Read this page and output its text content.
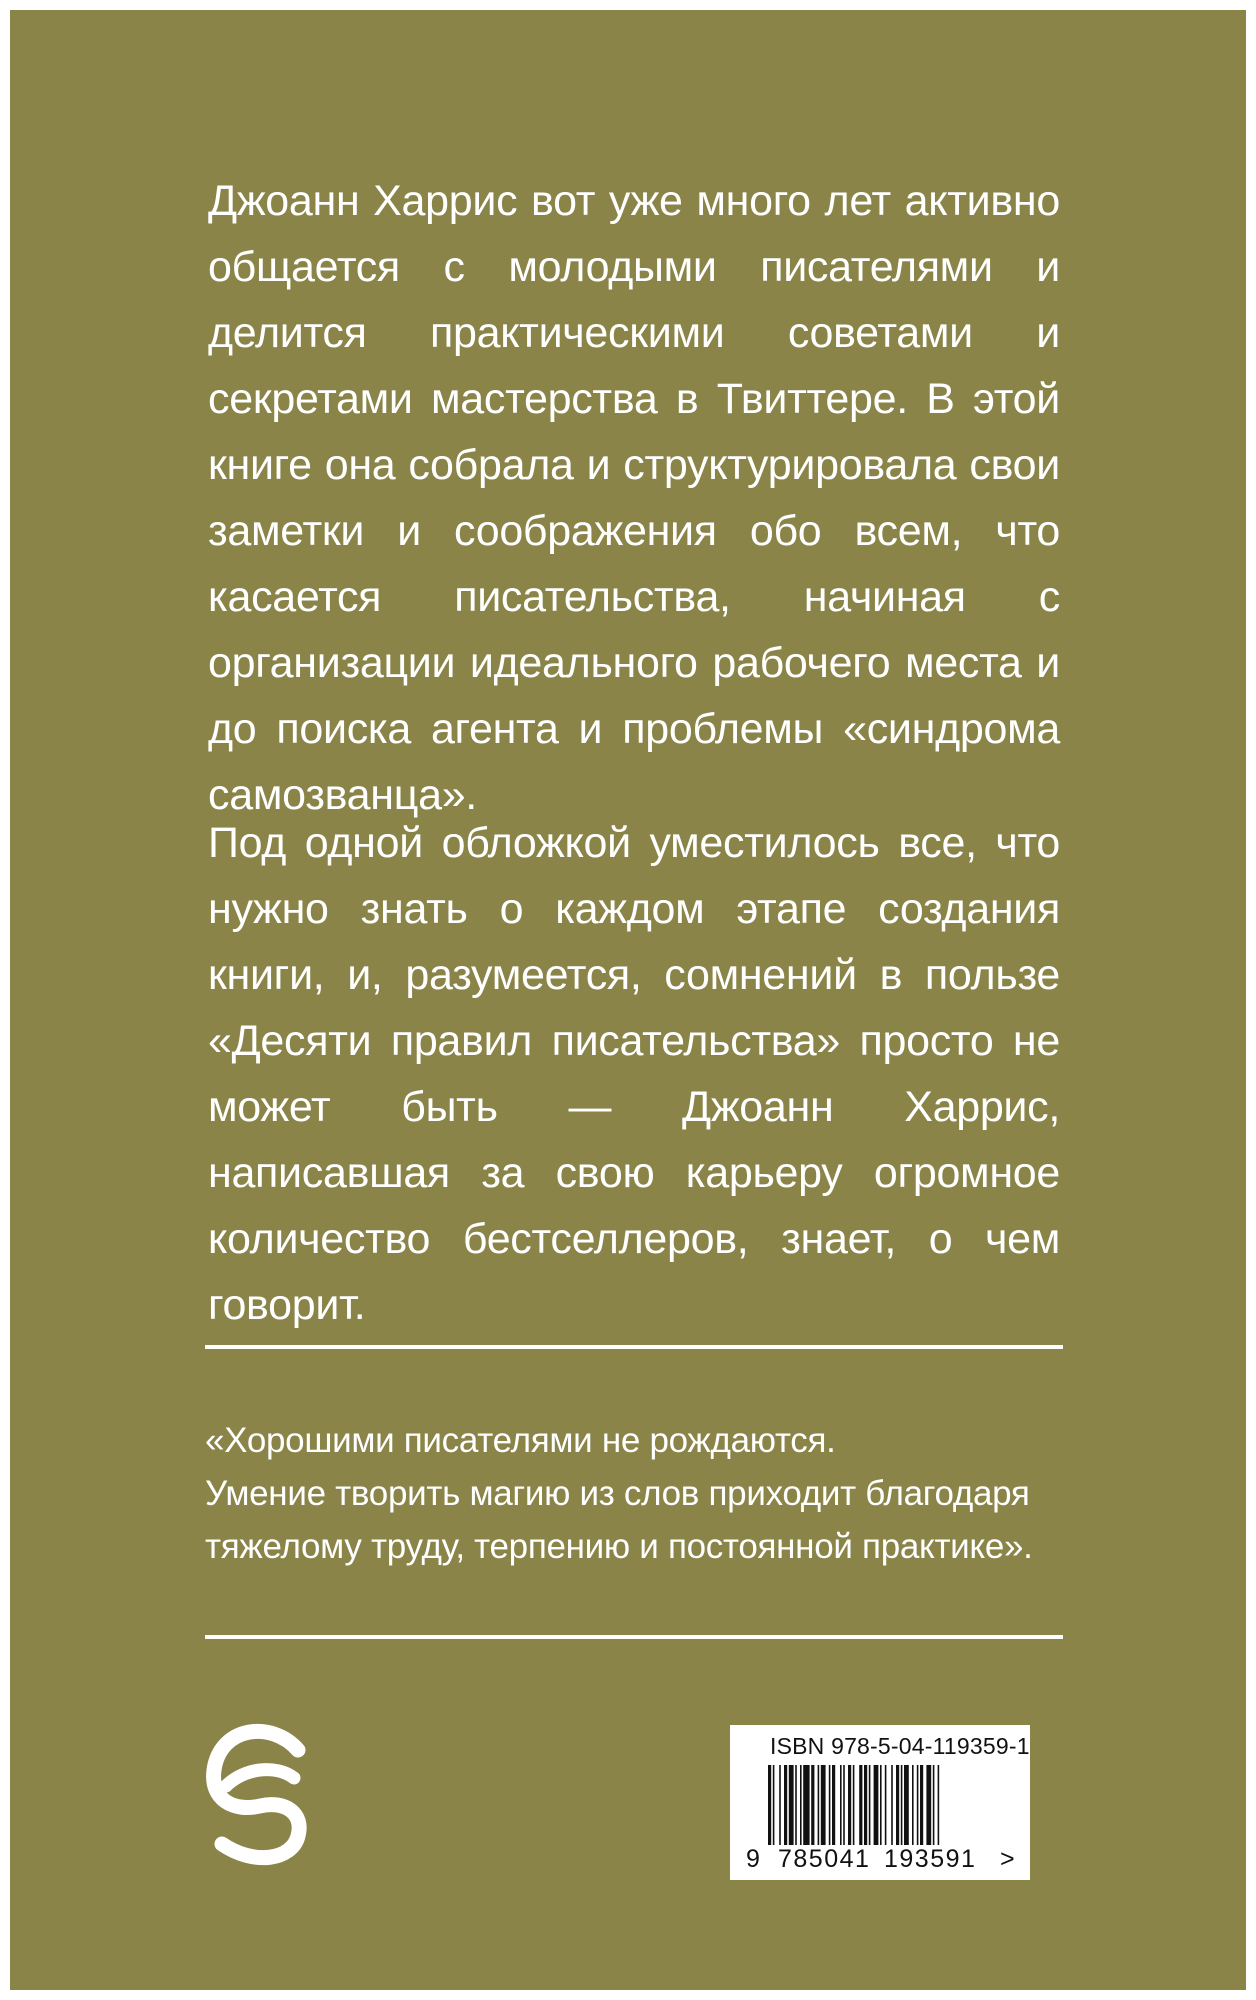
Джоанн Харрис вот уже много лет активно общается с молодыми писателями и делится практическими советами и секретами мастерства в Твиттере. В этой книге она собрала и структурировала свои заметки и соображения обо всем, что касается писательства, начиная с организации идеального рабочего места и до поиска агента и проблемы «синдрома самозванца».

Под одной обложкой уместилось все, что нужно знать о каждом этапе создания книги, и, разумеется, сомнений в пользе «Десяти правил писательства» просто не может быть — Джоанн Харрис, написавшая за свою карьеру огромное количество бестселлеров, знает, о чем говорит.

«Хорошими писателями не рождаются.
Умение творить магию из слов приходит благодаря тяжелому труду, терпению и постоянной практике».

ISBN 978-5-04-119359-1
9 785041 193591 >
